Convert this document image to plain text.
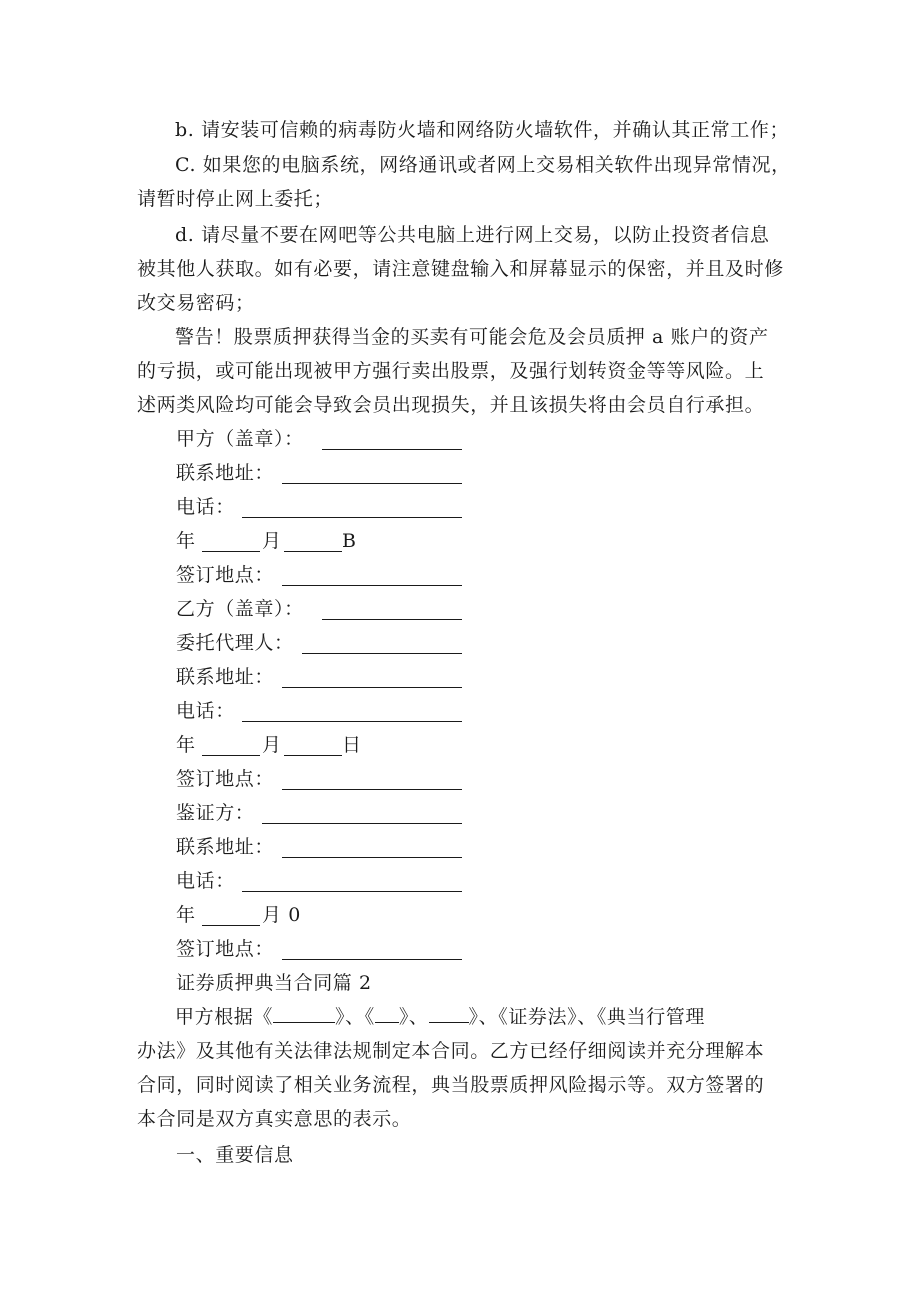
b. 请安装可信赖的病毒防火墙和网络防火墙软件，并确认其正常工作；
C. 如果您的电脑系统，网络通讯或者网上交易相关软件出现异常情况，
请暂时停止网上委托；
d. 请尽量不要在网吧等公共电脑上进行网上交易，以防止投资者信息
被其他人获取。如有必要，请注意键盘输入和屏幕显示的保密，并且及时修
改交易密码；
警告！股票质押获得当金的买卖有可能会危及会员质押 a 账户的资产
的亏损，或可能出现被甲方强行卖出股票，及强行划转资金等等风险。上
述两类风险均可能会导致会员出现损失，并且该损失将由会员自行承担。
甲方（盖章）：
联系地址：
电话：
年	月	B
签订地点：
乙方（盖章）：
委托代理人：
联系地址：
电话：
年	月	日
签订地点：
鉴证方：
联系地址：
电话：
年	月 0
签订地点：
证券质押典当合同篇 2
甲方根据《	》、《 》、 》、《证券法》、《典当行管理
办法》及其他有关法律法规制定本合同。乙方已经仔细阅读并充分理解本
合同，同时阅读了相关业务流程，典当股票质押风险揭示等。双方签署的
本合同是双方真实意思的表示。
一、重要信息
